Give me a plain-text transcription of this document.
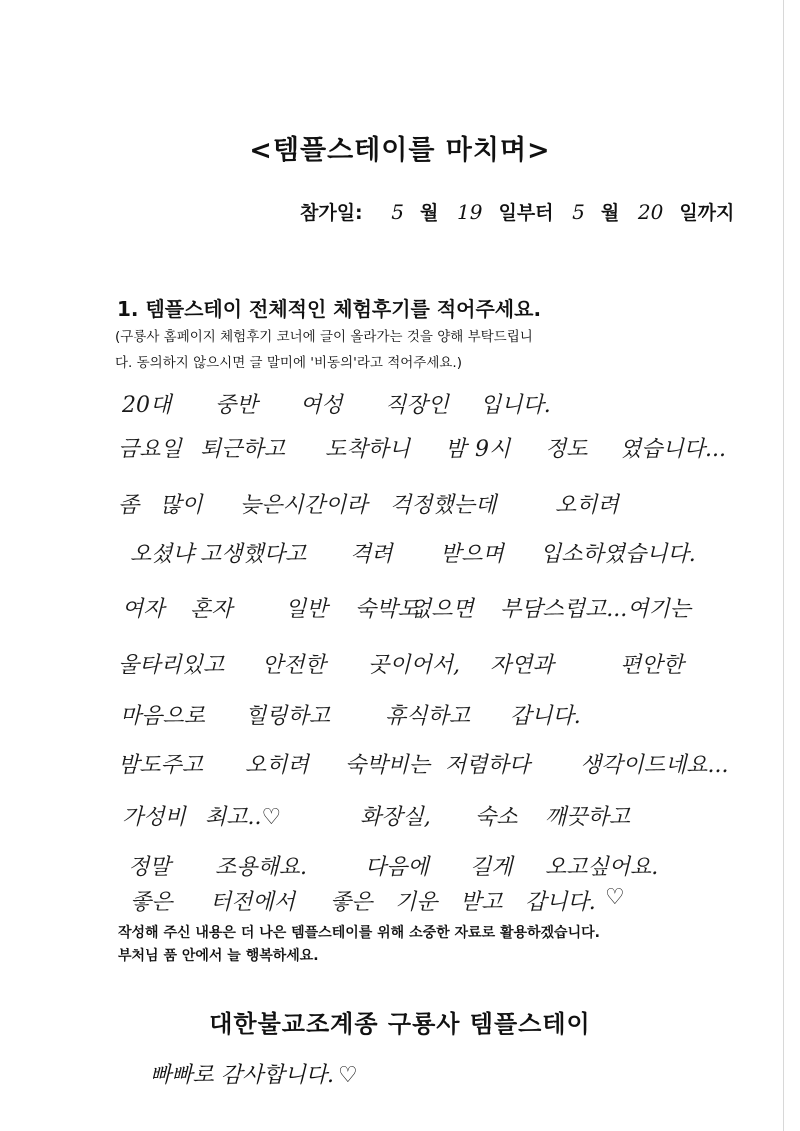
<템플스테이를 마치며>
참가일: 5 월 19 일부터 5 월 20 일까지
1. 템플스테이 전체적인 체험후기를 적어주세요.
(구룡사 홈페이지 체험후기 코너에 글이 올라가는 것을 양해 부탁드립니
다. 동의하지 않으시면 글 말미에 '비동의'라고 적어주세요.)
20대 중반 여성 직장인 입니다.
금요일 퇴근하고 도착하니 밤 9시 정도 였습니다...
좀 많이 늦은시간이라 걱정했는데	오히려
오셨냐 고생했다고 격려 받으며 입소하였습니다.
여자 혼자 일반 숙박도
없으면 부담스럽고...여기는
울타리있고 안전한 곳이어서, 자연과	편안한
마음으로 힐링하고 휴식하고 갑니다.
밤도주고 오히려 숙박비는 저렴하다 생각이드네요...
가성비 최고..♡	화장실, 숙소 깨끗하고
정말 조용해요.	다음에 길게 오고싶어요.
좋은 터전에서 좋은 기운 받고 갑니다. ♡
작성해 주신 내용은 더 나은 템플스테이를 위해 소중한 자료로 활용하겠습니다.
부처님 품 안에서 늘 행복하세요.
대한불교조계종 구룡사 템플스테이
빠빠로 감사합니다. ♡
